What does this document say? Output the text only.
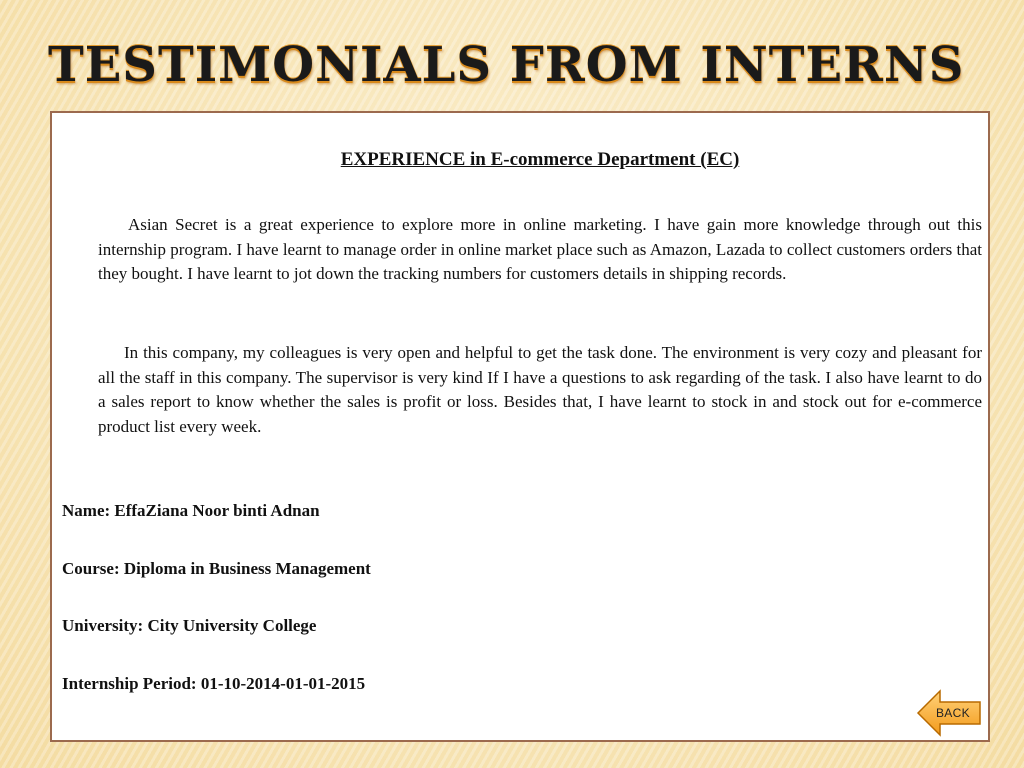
TESTIMONIALS FROM INTERNS

EXPERIENCE in E-commerce Department (EC)

Asian Secret is a great experience to explore more in online marketing. I have gain more knowledge through out this internship program. I have learnt to manage order in online market place such as Amazon, Lazada to collect customers orders that they bought. I have learnt to jot down the tracking numbers for customers details in shipping records.

In this company, my colleagues is very open and helpful to get the task done. The environment is very cozy and pleasant for all the staff in this company. The supervisor is very kind If I have a questions to ask regarding of the task. I also have learnt to do a sales report to know whether the sales is profit or loss. Besides that, I have learnt to stock in and stock out for e-commerce product list every week.

Name: EffaZiana Noor binti Adnan

Course: Diploma in Business Management

University: City University College

Internship Period: 01-10-2014-01-01-2015

BACK
